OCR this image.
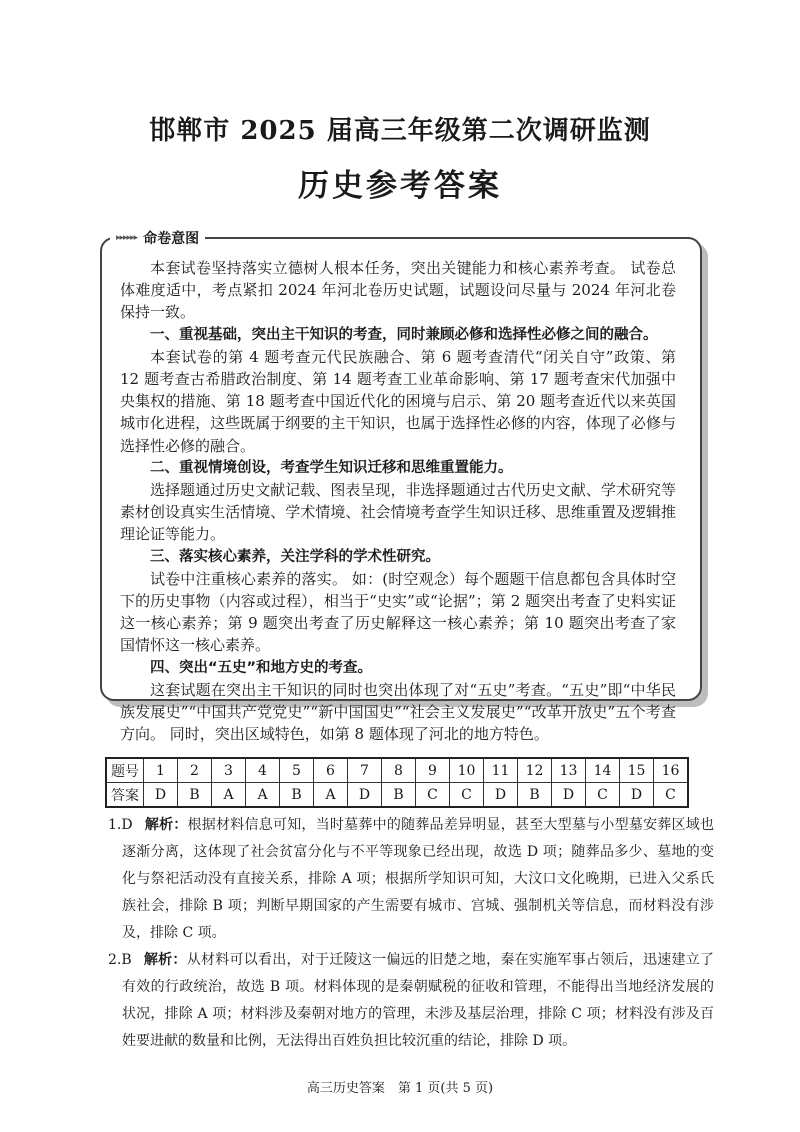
邯郸市 2025 届高三年级第二次调研监测
历史参考答案
▸▸▸▸▸▸ 命卷意图

本套试卷坚持落实立德树人根本任务，突出关键能力和核心素养考查。 试卷总体难度适中，考点紧扣 2024 年河北卷历史试题，试题设问尽量与 2024 年河北卷保持一致。

一、重视基础，突出主干知识的考查，同时兼顾必修和选择性必修之间的融合。

本套试卷的第 4 题考查元代民族融合、第 6 题考查清代“闭关自守”政策、第 12 题考查古希腊政治制度、第 14 题考查工业革命影响、第 17 题考查宋代加强中央集权的措施、第 18 题考查中国近代化的困境与启示、第 20 题考查近代以来英国城市化进程，这些既属于纲要的主干知识，也属于选择性必修的内容，体现了必修与选择性必修的融合。

二、重视情境创设，考查学生知识迁移和思维重置能力。

选择题通过历史文献记载、图表呈现，非选择题通过古代历史文献、学术研究等素材创设真实生活情境、学术情境、社会情境考查学生知识迁移、思维重置及逻辑推理论证等能力。

三、落实核心素养，关注学科的学术性研究。

试卷中注重核心素养的落实。 如：(时空观念）每个题题干信息都包含具体时空下的历史事物（内容或过程），相当于“史实”或“论据”；第 2 题突出考查了史料实证这一核心素养；第 9 题突出考查了历史解释这一核心素养；第 10 题突出考查了家国情怀这一核心素养。

四、突出“五史”和地方史的考查。

这套试题在突出主干知识的同时也突出体现了对“五史”考查。“五史”即“中华民族发展史”“中国共产党党史”“新中国国史”“社会主义发展史”“改革开放史”五个考查方向。 同时，突出区域特色，如第 8 题体现了河北的地方特色。

题号	1	2	3	4	5	6	7	8	9	10	11	12	13	14	15	16
答案	D	B	A	A	B	A	D	B	C	C	D	B	D	C	D	C

1.D 解析：根据材料信息可知，当时墓葬中的随葬品差异明显，甚至大型墓与小型墓安葬区域也逐渐分离，这体现了社会贫富分化与不平等现象已经出现，故选 D 项；随葬品多少、墓地的变化与祭祀活动没有直接关系，排除 A 项；根据所学知识可知，大汶口文化晚期，已进入父系氏族社会，排除 B 项；判断早期国家的产生需要有城市、宫城、强制机关等信息，而材料没有涉及，排除 C 项。

2.B 解析：从材料可以看出，对于迁陵这一偏远的旧楚之地，秦在实施军事占领后，迅速建立了有效的行政统治，故选 B 项。材料体现的是秦朝赋税的征收和管理，不能得出当地经济发展的状况，排除 A 项；材料涉及秦朝对地方的管理，未涉及基层治理，排除 C 项；材料没有涉及百姓要进献的数量和比例，无法得出百姓负担比较沉重的结论，排除 D 项。

高三历史答案　第 1 页(共 5 页)
